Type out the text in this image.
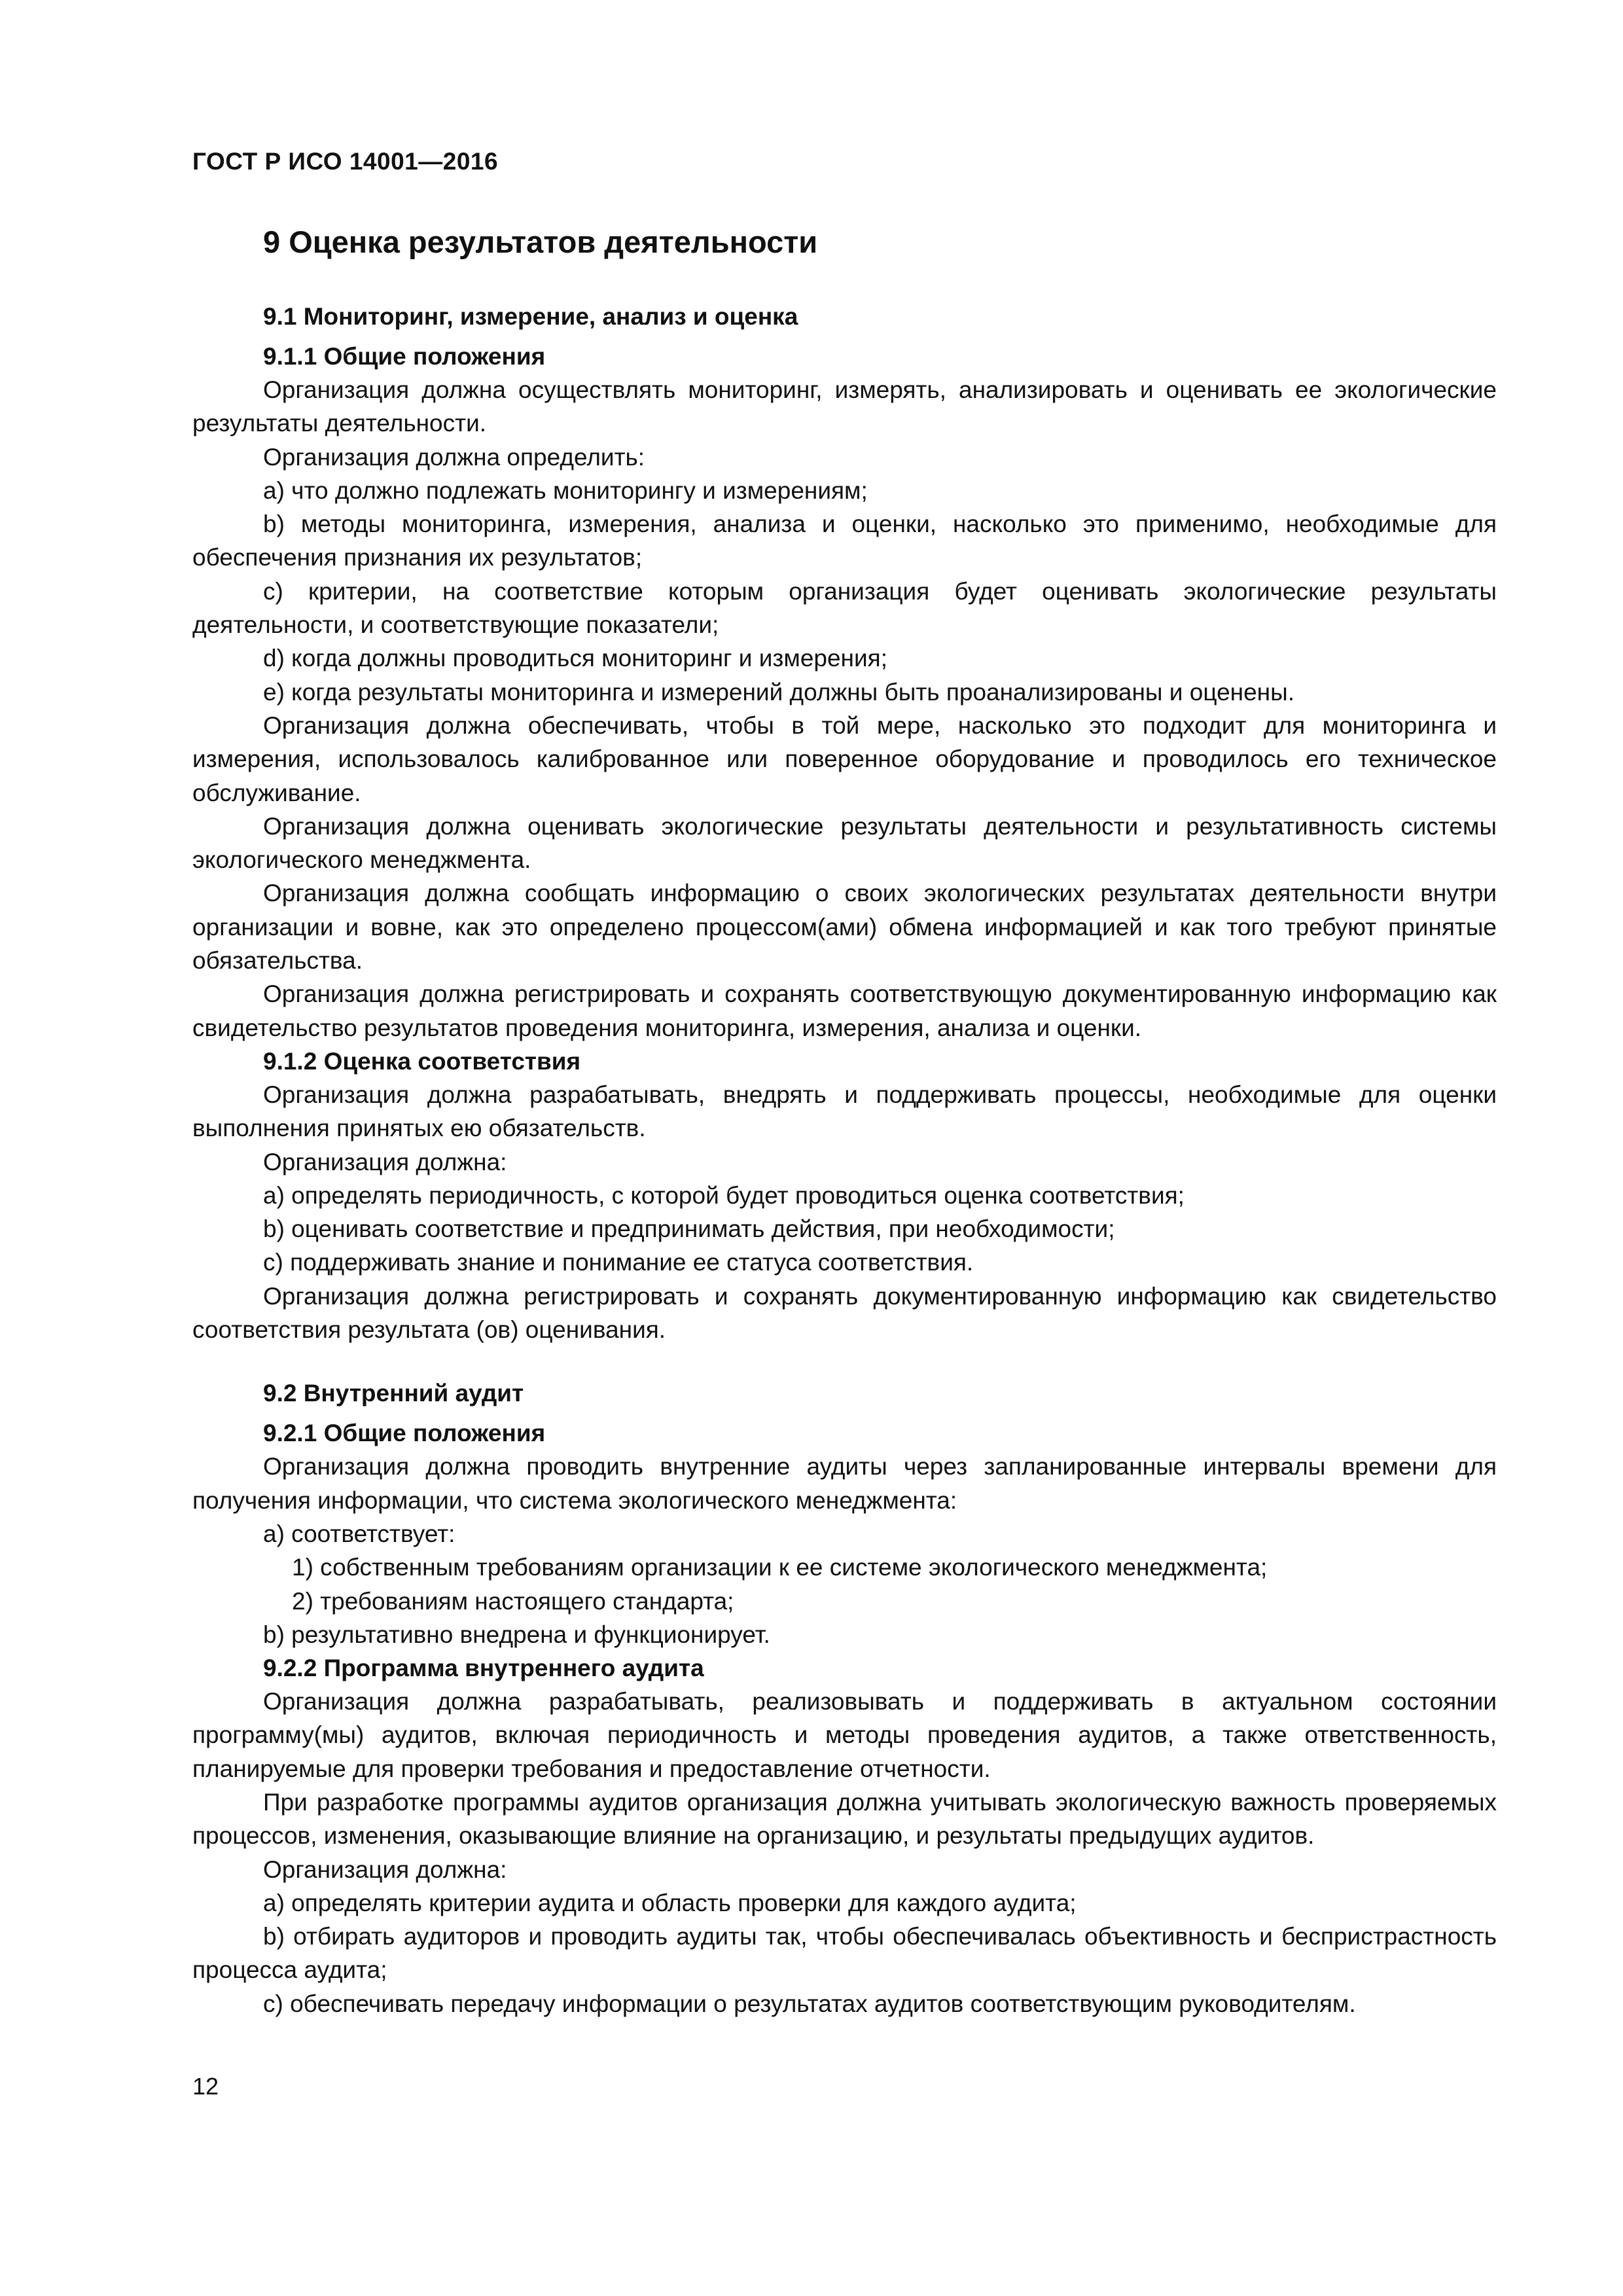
ГОСТ Р ИСО 14001—2016
9 Оценка результатов деятельности
9.1 Мониторинг, измерение, анализ и оценка
9.1.1 Общие положения

Организация должна осуществлять мониторинг, измерять, анализировать и оценивать ее экологические результаты деятельности.

Организация должна определить:

а) что должно подлежать мониторингу и измерениям;

b) методы мониторинга, измерения, анализа и оценки, насколько это применимо, необходимые для обеспечения признания их результатов;

с) критерии, на соответствие которым организация будет оценивать экологические результаты деятельности, и соответствующие показатели;

d) когда должны проводиться мониторинг и измерения;

е) когда результаты мониторинга и измерений должны быть проанализированы и оценены.

Организация должна обеспечивать, чтобы в той мере, насколько это подходит для мониторинга и измерения, использовалось калиброванное или поверенное оборудование и проводилось его техническое обслуживание.

Организация должна оценивать экологические результаты деятельности и результативность системы экологического менеджмента.

Организация должна сообщать информацию о своих экологических результатах деятельности внутри организации и вовне, как это определено процессом(ами) обмена информацией и как того требуют принятые обязательства.

Организация должна регистрировать и сохранять соответствующую документированную информацию как свидетельство результатов проведения мониторинга, измерения, анализа и оценки.

9.1.2 Оценка соответствия

Организация должна разрабатывать, внедрять и поддерживать процессы, необходимые для оценки выполнения принятых ею обязательств.

Организация должна:

а) определять периодичность, с которой будет проводиться оценка соответствия;

b) оценивать соответствие и предпринимать действия, при необходимости;

с) поддерживать знание и понимание ее статуса соответствия.

Организация должна регистрировать и сохранять документированную информацию как свидетельство соответствия результата (ов) оценивания.

9.2 Внутренний аудит
9.2.1 Общие положения

Организация должна проводить внутренние аудиты через запланированные интервалы времени для получения информации, что система экологического менеджмента:

а) соответствует:

1) собственным требованиям организации к ее системе экологического менеджмента;

2) требованиям настоящего стандарта;

b) результативно внедрена и функционирует.

9.2.2 Программа внутреннего аудита

Организация должна разрабатывать, реализовывать и поддерживать в актуальном состоянии программу(мы) аудитов, включая периодичность и методы проведения аудитов, а также ответственность, планируемые для проверки требования и предоставление отчетности.

При разработке программы аудитов организация должна учитывать экологическую важность проверяемых процессов, изменения, оказывающие влияние на организацию, и результаты предыдущих аудитов.

Организация должна:

а) определять критерии аудита и область проверки для каждого аудита;

b) отбирать аудиторов и проводить аудиты так, чтобы обеспечивалась объективность и беспристрастность процесса аудита;

с) обеспечивать передачу информации о результатах аудитов соответствующим руководителям.

12
